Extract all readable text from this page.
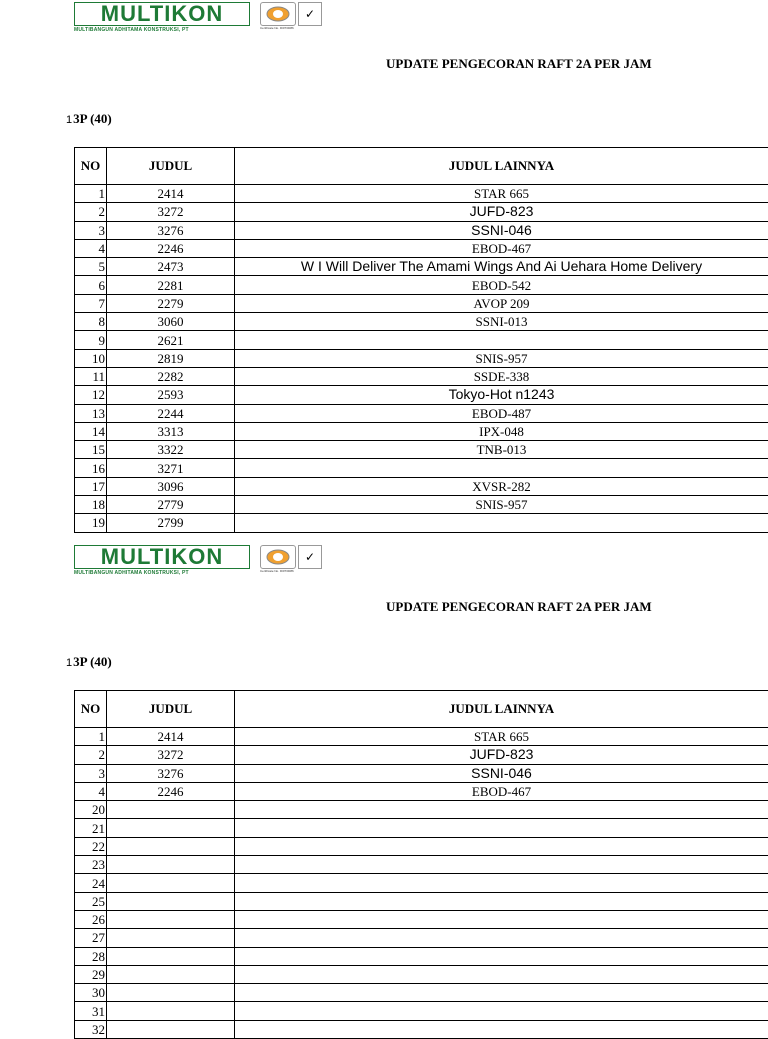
MULTIKON
MULTIBANGUN ADHITAMA KONSTRUKSI, PT
✓
Certificate No. ID07/0086
UPDATE PENGECORAN RAFT 2A PER JAM
13P (40)
NO	JUDUL	JUDUL LAINNYA
1	2414	STAR 665
2	3272	JUFD-823
3	3276	SSNI-046
4	2246	EBOD-467
5	2473	W I Will Deliver The Amami Wings And Ai Uehara Home Delivery
6	2281	EBOD-542
7	2279	AVOP 209
8	3060	SSNI-013
9	2621	
10	2819	SNIS-957
11	2282	SSDE-338
12	2593	Tokyo-Hot n1243
13	2244	EBOD-487
14	3313	IPX-048
15	3322	TNB-013
16	3271	
17	3096	XVSR-282
18	2779	SNIS-957
19	2799	
MULTIKON
MULTIBANGUN ADHITAMA KONSTRUKSI, PT
✓
Certificate No. ID07/0086
UPDATE PENGECORAN RAFT 2A PER JAM
13P (40)
NO	JUDUL	JUDUL LAINNYA
1	2414	STAR 665
2	3272	JUFD-823
3	3276	SSNI-046
4	2246	EBOD-467
20		
21		
22		
23		
24		
25		
26		
27		
28		
29		
30		
31		
32		
